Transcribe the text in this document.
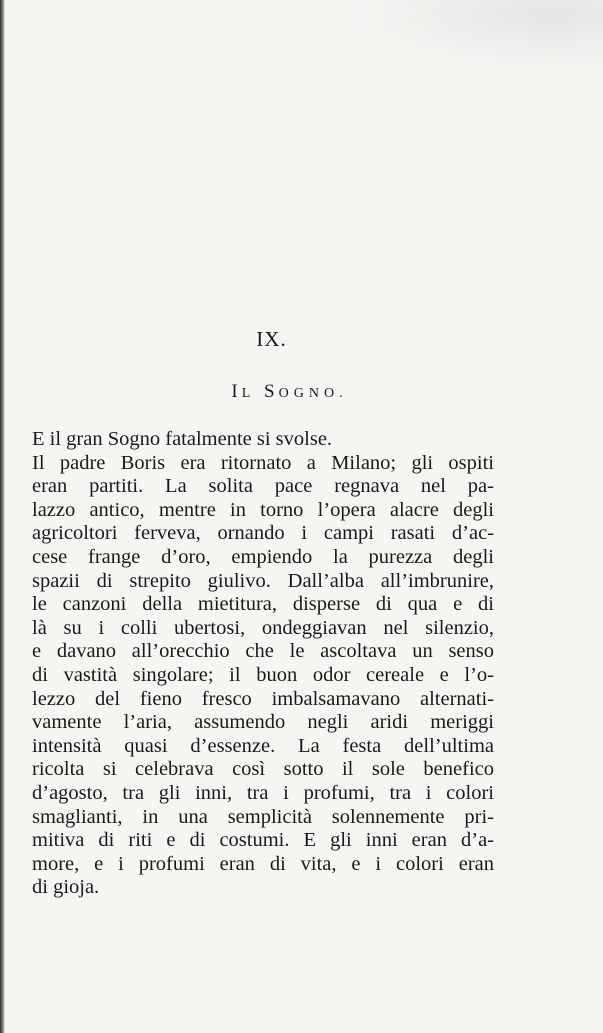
IX.
IL SOGNO.
E il gran Sogno fatalmente si svolse.
Il padre Boris era ritornato a Milano; gli ospiti
eran partiti. La solita pace regnava nel pa-
lazzo antico, mentre in torno l’opera alacre degli
agricoltori ferveva, ornando i campi rasati d’ac-
cese frange d’oro, empiendo la purezza degli
spazii di strepito giulivo. Dall’alba all’imbrunire,
le canzoni della mietitura, disperse di qua e di
là su i colli ubertosi, ondeggiavan nel silenzio,
e davano all’orecchio che le ascoltava un senso
di vastità singolare; il buon odor cereale e l’o-
lezzo del fieno fresco imbalsamavano alternati-
vamente l’aria, assumendo negli aridi meriggi
intensità quasi d’essenze. La festa dell’ultima
ricolta si celebrava così sotto il sole benefico
d’agosto, tra gli inni, tra i profumi, tra i colori
smaglianti, in una semplicità solennemente pri-
mitiva di riti e di costumi. E gli inni eran d’a-
more, e i profumi eran di vita, e i colori eran
di gioja.
